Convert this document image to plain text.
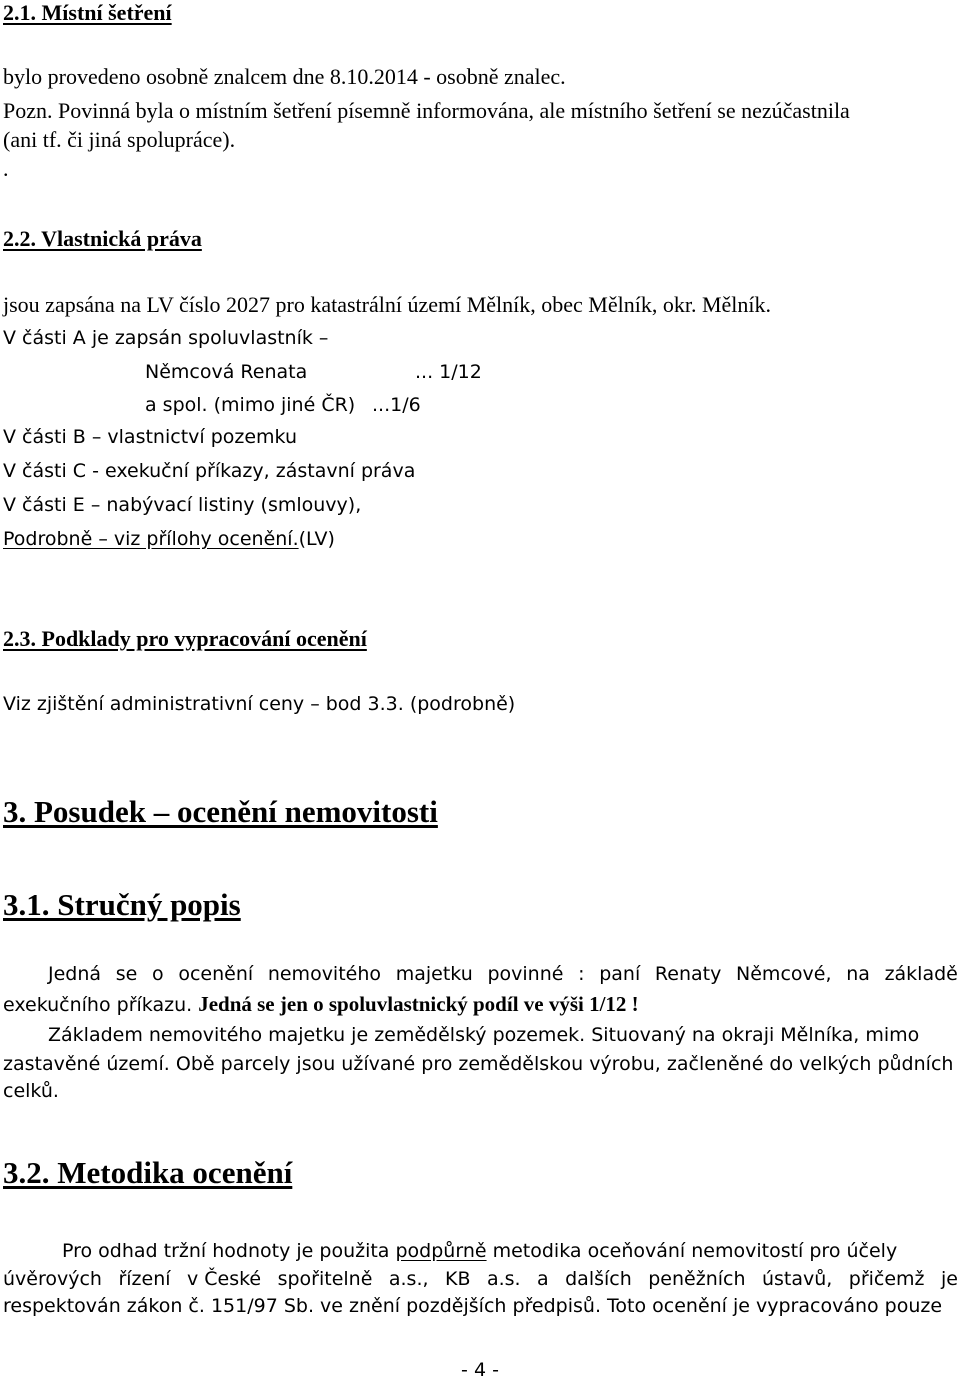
2.1. Místní šetření
bylo provedeno osobně znalcem dne 8.10.2014 - osobně znalec.
Pozn. Povinná byla o místním šetření písemně informována, ale místního šetření se nezúčastnila
(ani tf. či jiná spolupráce).
.
2.2. Vlastnická práva
jsou zapsána na LV číslo 2027 pro katastrální území Mělník, obec Mělník, okr. Mělník.
V části A je zapsán spoluvlastník –
Němcová Renata	... 1/12
a spol. (mimo jiné ČR) ...1/6
V části B – vlastnictví pozemku
V části C - exekuční příkazy, zástavní práva
V části E – nabývací listiny (smlouvy),
Podrobně – viz přílohy ocenění.(LV)
2.3. Podklady pro vypracování ocenění
Viz zjištění administrativní ceny – bod 3.3. (podrobně)
3. Posudek – ocenění nemovitosti
3.1. Stručný popis
Jedná se o ocenění nemovitého majetku povinné : paní Renaty Němcové, na základě
exekučního příkazu. Jedná se jen o spoluvlastnický podíl ve výši 1/12 !
Základem nemovitého majetku je zemědělský pozemek. Situovaný na okraji Mělníka, mimo
zastavěné území. Obě parcely jsou užívané pro zemědělskou výrobu, začleněné do velkých půdních
celků.
3.2. Metodika ocenění
Pro odhad tržní hodnoty je použita podpůrně metodika oceňování nemovitostí pro účely
úvěrových řízení v České spořitelně a.s., KB a.s. a dalších peněžních ústavů, přičemž je
respektován zákon č. 151/97 Sb. ve znění pozdějších předpisů. Toto ocenění je vypracováno pouze
- 4 -
